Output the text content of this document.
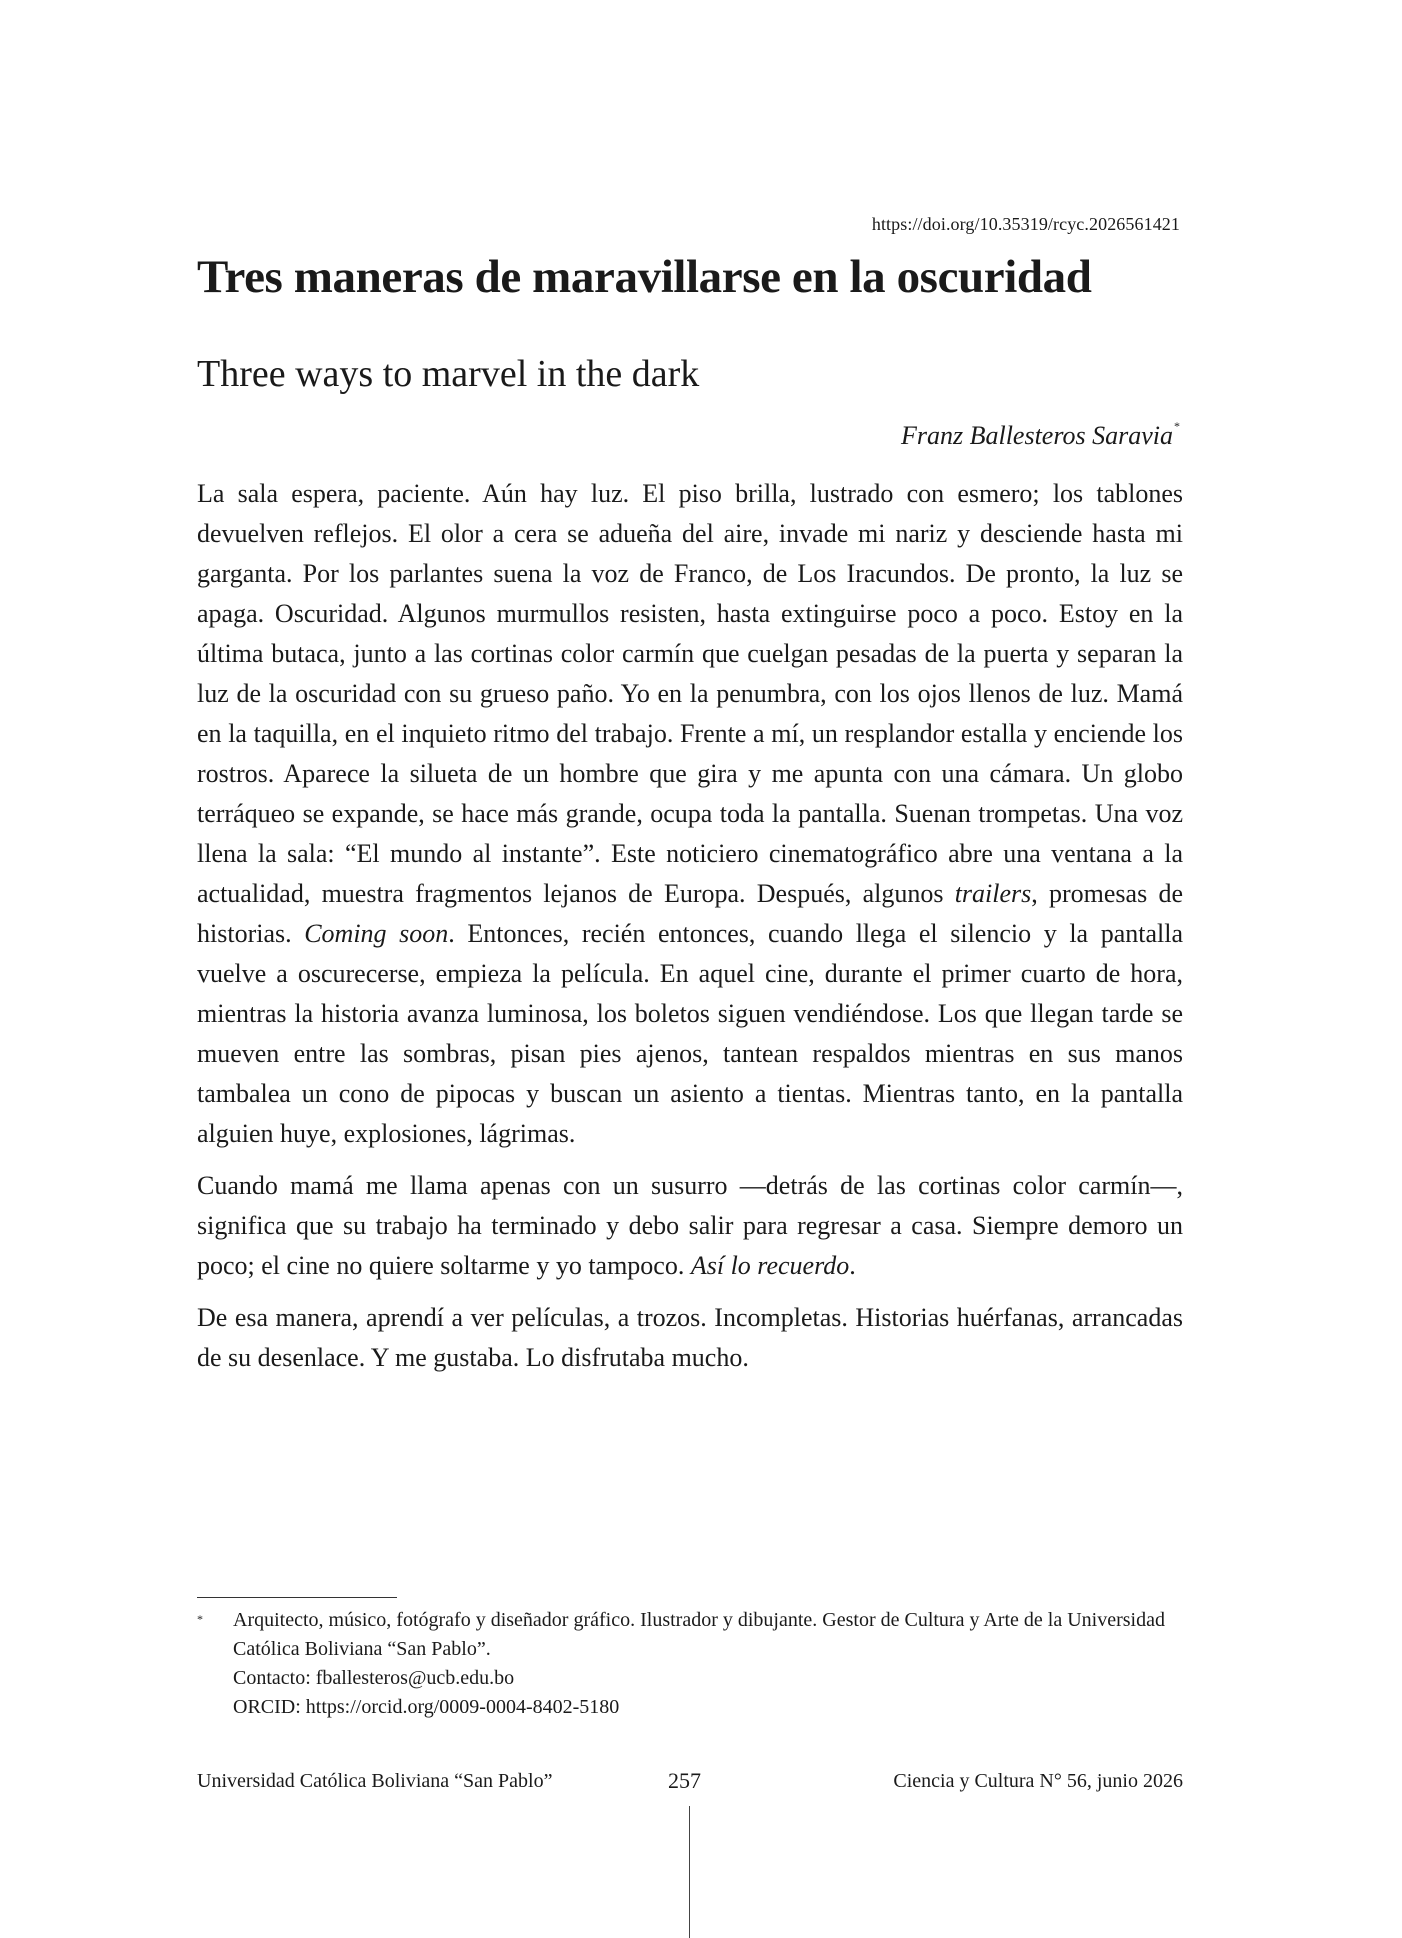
https://doi.org/10.35319/rcyc.2026561421
Tres maneras de maravillarse en la oscuridad
Three ways to marvel in the dark
Franz Ballesteros Saravia*

La sala espera, paciente. Aún hay luz. El piso brilla, lustrado con esmero; los tablones devuelven reflejos. El olor a cera se adueña del aire, invade mi nariz y desciende hasta mi garganta. Por los parlantes suena la voz de Franco, de Los Iracundos. De pronto, la luz se apaga. Oscuridad. Algunos murmullos resisten, hasta extinguirse poco a poco. Estoy en la última butaca, junto a las cortinas color carmín que cuelgan pesadas de la puerta y separan la luz de la oscuridad con su grueso paño. Yo en la penumbra, con los ojos llenos de luz. Mamá en la taquilla, en el inquieto ritmo del trabajo. Frente a mí, un resplandor estalla y enciende los rostros. Aparece la silueta de un hombre que gira y me apunta con una cámara. Un globo terráqueo se expande, se hace más grande, ocupa toda la pantalla. Suenan trompetas. Una voz llena la sala: “El mundo al instante”. Este noticiero cinematográfico abre una ventana a la actualidad, muestra fragmentos lejanos de Europa. Después, algunos trailers, promesas de historias. Coming soon. Entonces, recién entonces, cuando llega el silencio y la pantalla vuelve a oscurecerse, empieza la película. En aquel cine, durante el primer cuarto de hora, mientras la historia avanza luminosa, los boletos siguen vendiéndose. Los que llegan tarde se mueven entre las sombras, pisan pies ajenos, tantean respaldos mientras en sus manos tambalea un cono de pipocas y buscan un asiento a tientas. Mientras tanto, en la pantalla alguien huye, explosiones, lágrimas.

Cuando mamá me llama apenas con un susurro —detrás de las cortinas color carmín—, significa que su trabajo ha terminado y debo salir para regresar a casa. Siempre demoro un poco; el cine no quiere soltarme y yo tampoco. Así lo recuerdo.

De esa manera, aprendí a ver películas, a trozos. Incompletas. Historias huérfanas, arrancadas de su desenlace. Y me gustaba. Lo disfrutaba mucho.

* Arquitecto, músico, fotógrafo y diseñador gráfico. Ilustrador y dibujante. Gestor de Cultura y Arte de la Universidad Católica Boliviana “San Pablo”.
Contacto: fballesteros@ucb.edu.bo
ORCID: https://orcid.org/0009-0004-8402-5180
Universidad Católica Boliviana “San Pablo”	257	Ciencia y Cultura N° 56, junio 2026
